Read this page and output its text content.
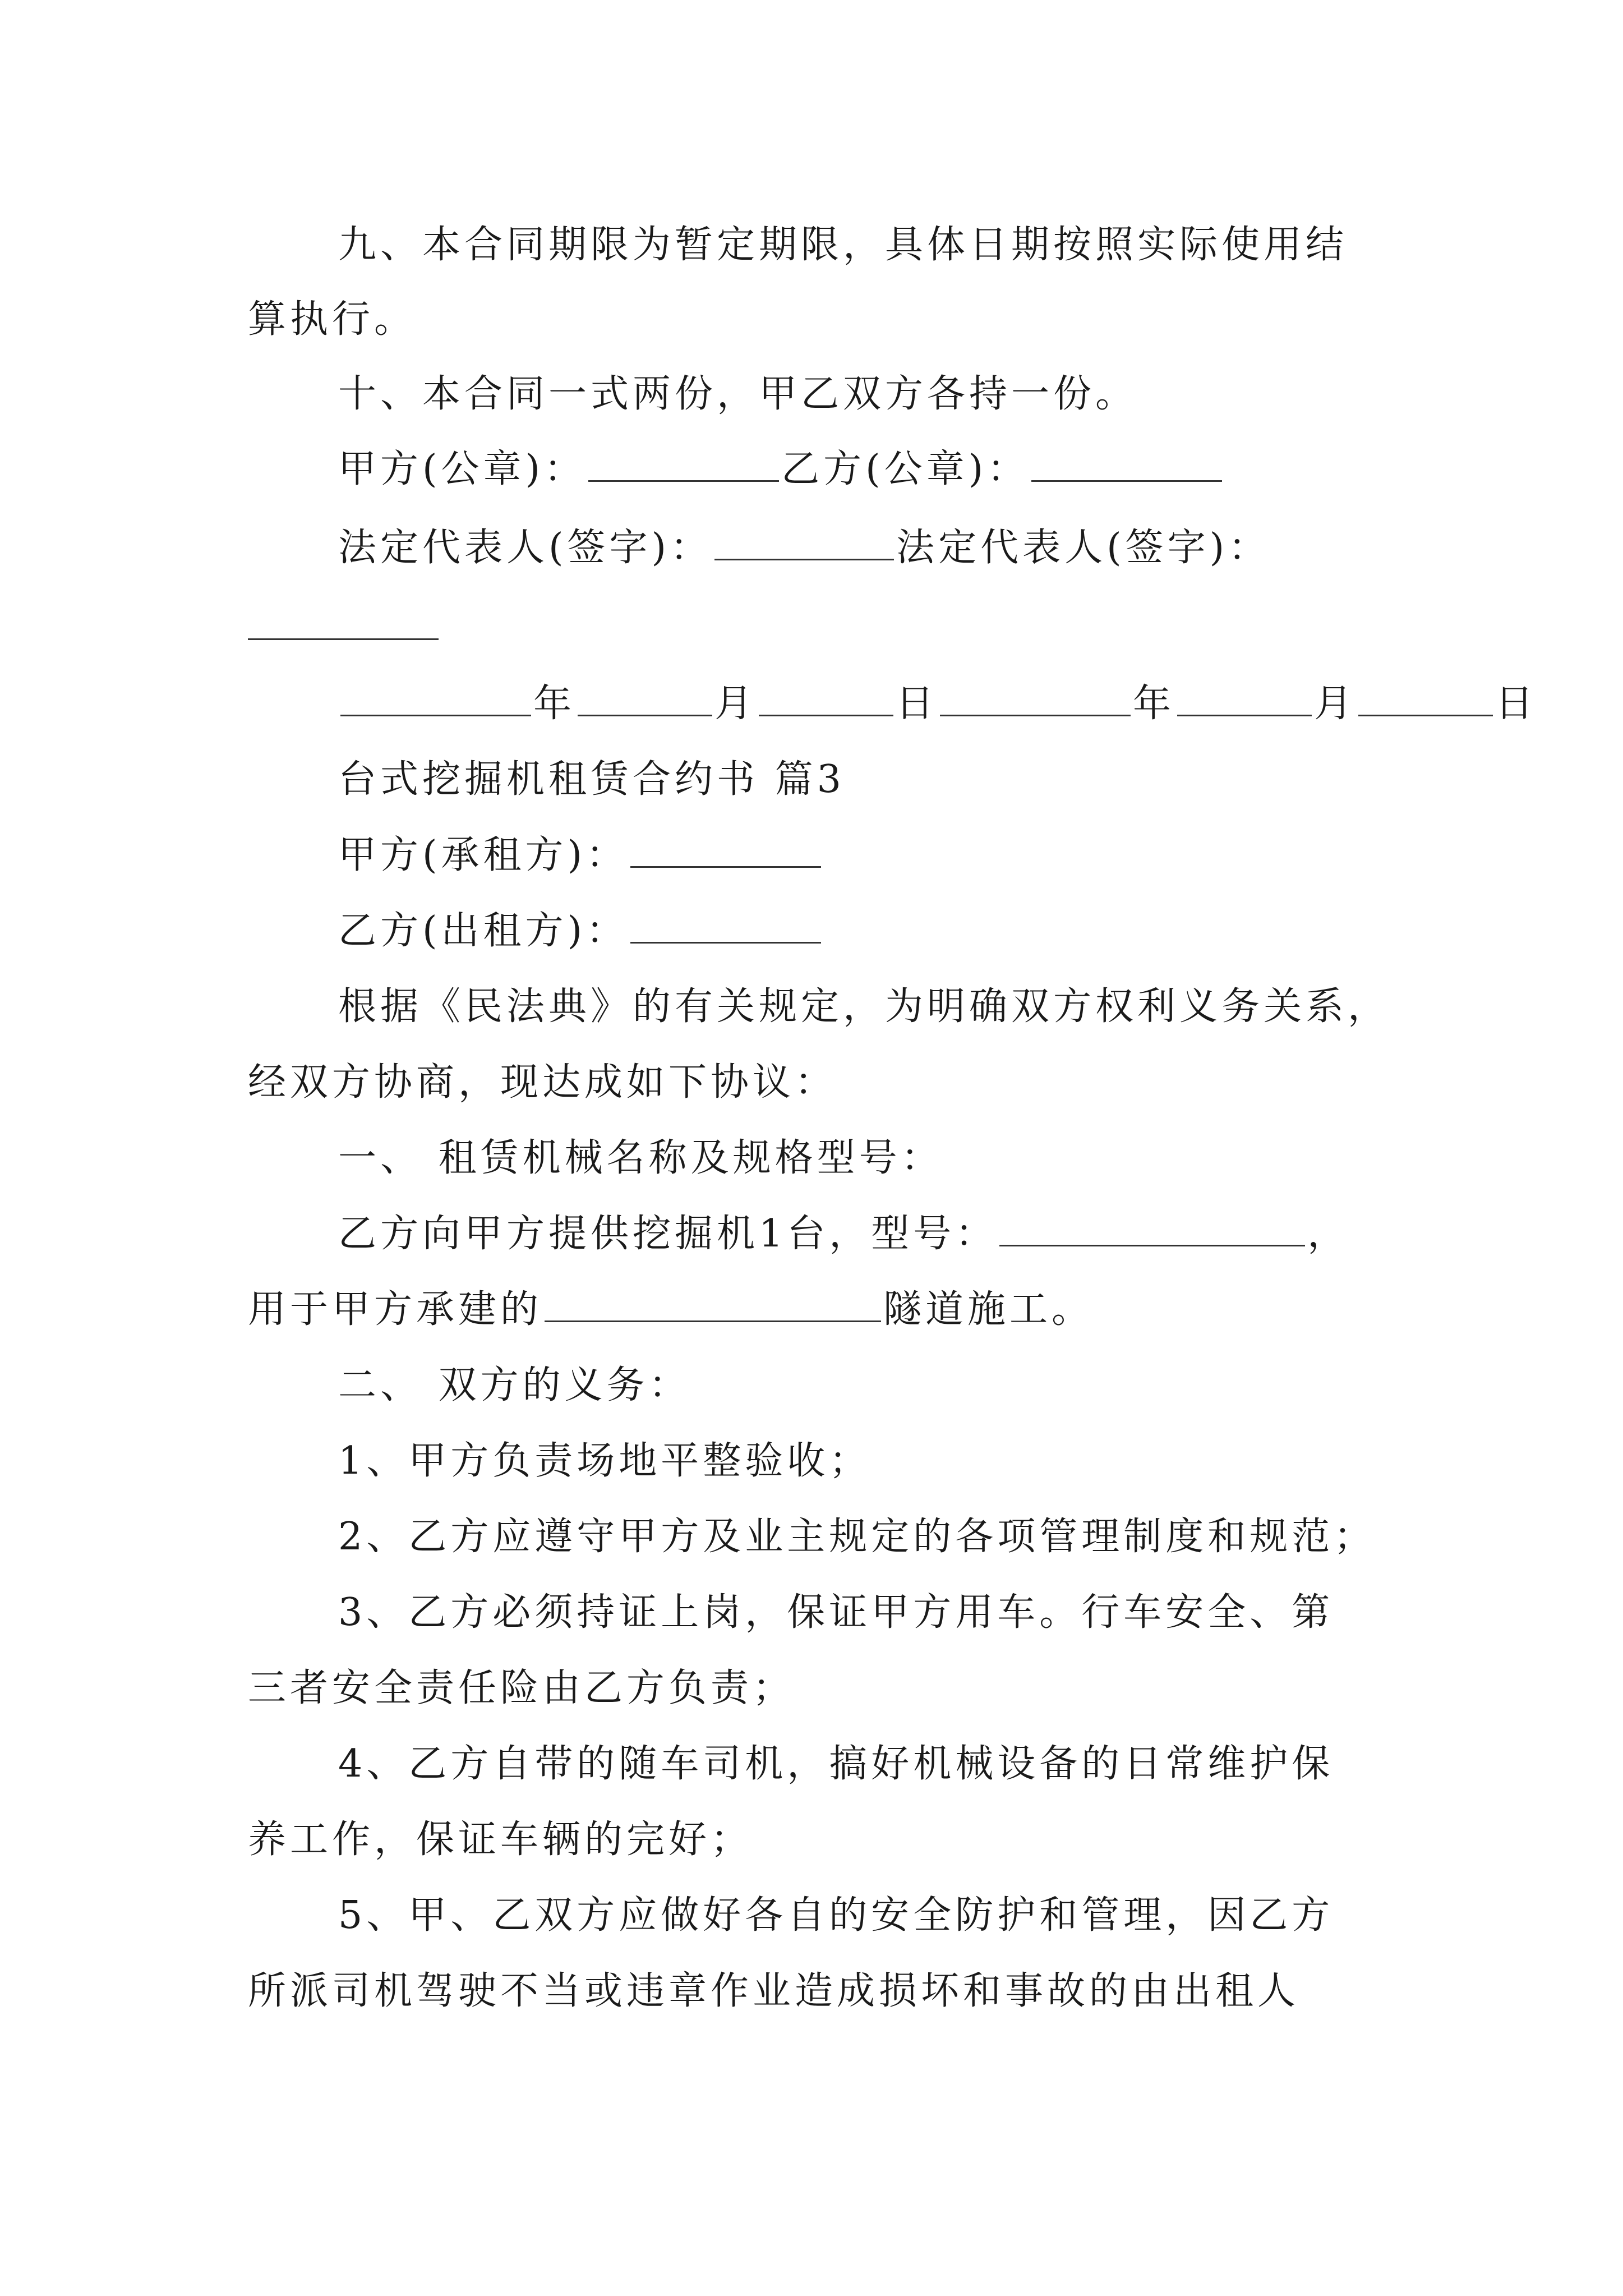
九、本合同期限为暂定期限，具体日期按照实际使用结
算执行。
十、本合同一式两份，甲乙双方各持一份。
甲方(公章)：	乙方(公章)：
法定代表人(签字)：	法定代表人(签字)：
年	月	日	年	月	日
台式挖掘机租赁合约书 篇3
甲方(承租方)：
乙方(出租方)：
根据《民法典》的有关规定，为明确双方权利义务关系，
经双方协商，现达成如下协议：
一、 租赁机械名称及规格型号：
乙方向甲方提供挖掘机1台，型号：	，
用于甲方承建的	隧道施工。
二、 双方的义务：
1、甲方负责场地平整验收；
2、乙方应遵守甲方及业主规定的各项管理制度和规范；
3、乙方必须持证上岗，保证甲方用车。行车安全、第
三者安全责任险由乙方负责；
4、乙方自带的随车司机，搞好机械设备的日常维护保
养工作，保证车辆的完好；
5、甲、乙双方应做好各自的安全防护和管理，因乙方
所派司机驾驶不当或违章作业造成损坏和事故的由出租人
